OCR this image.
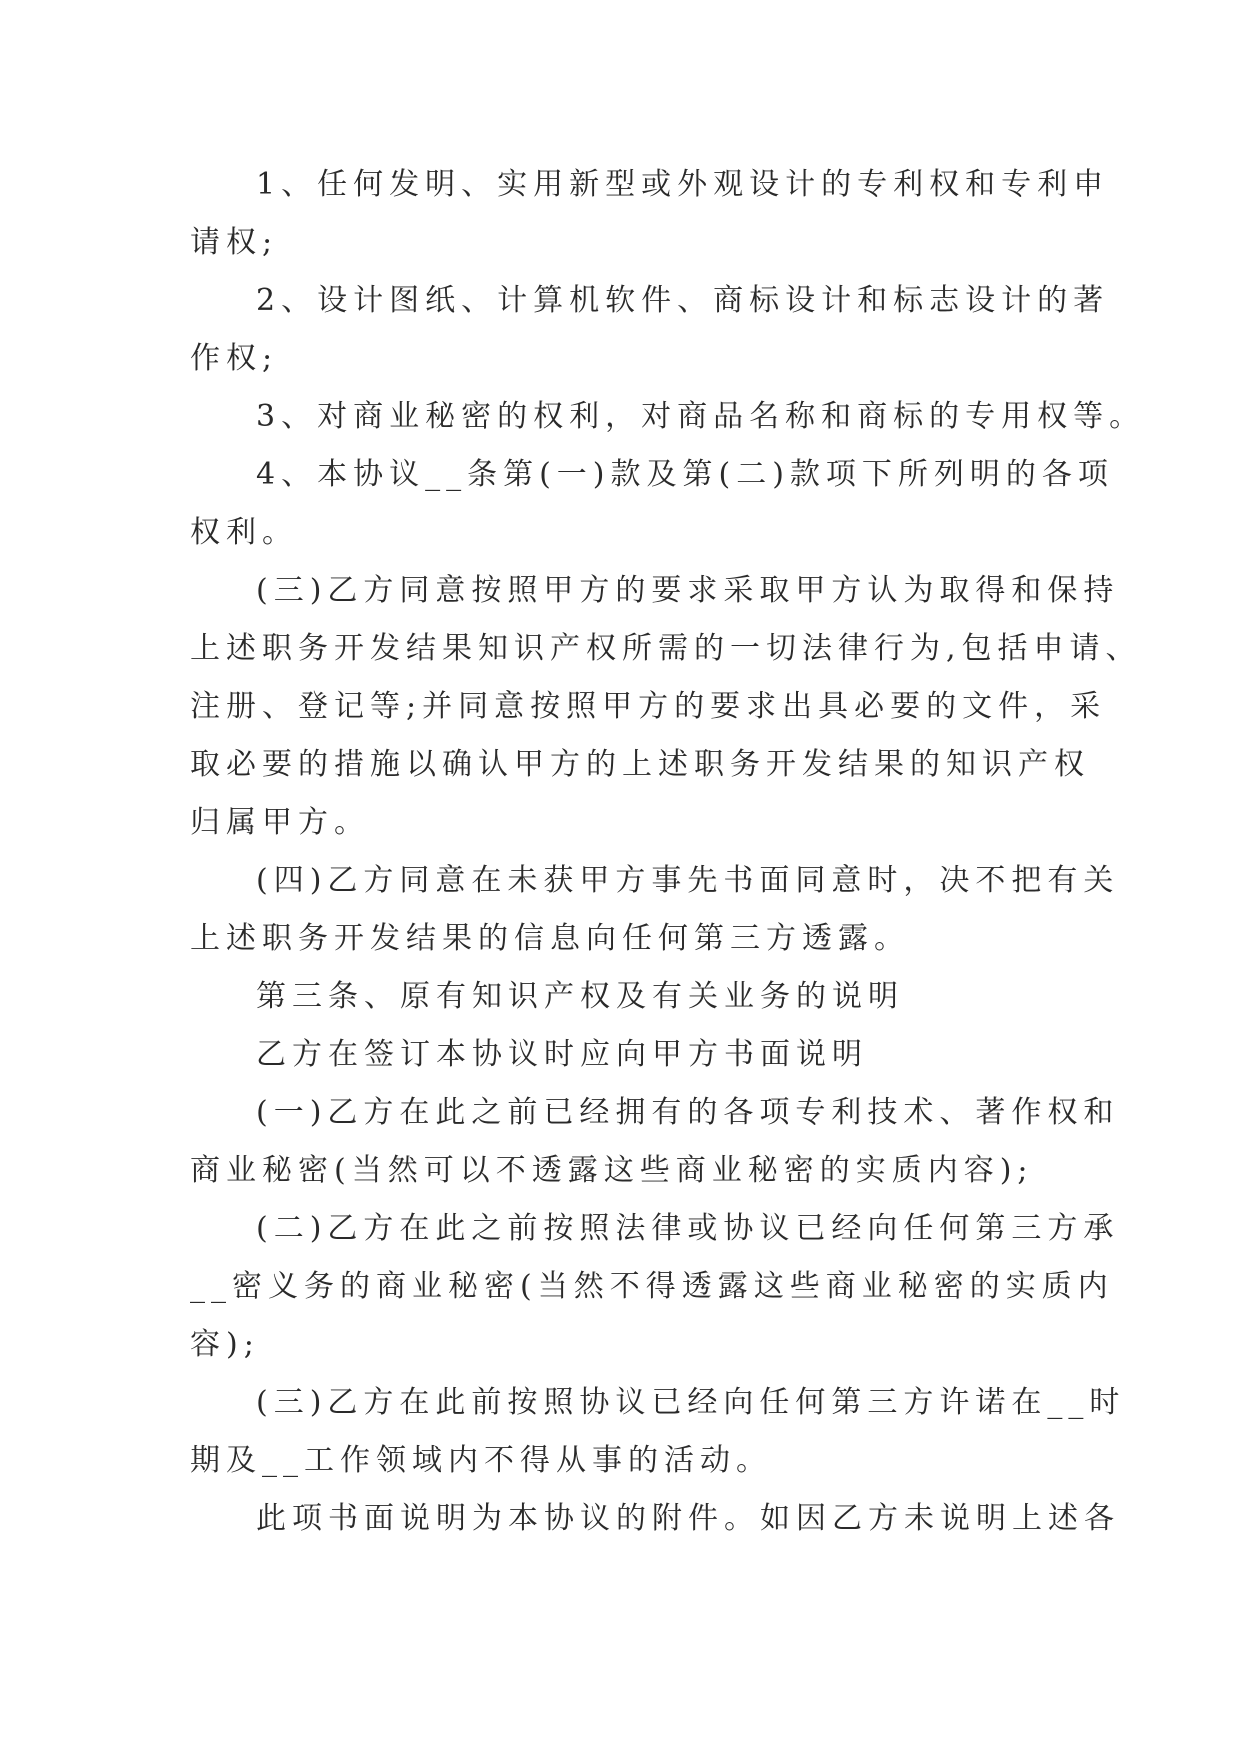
1、任何发明、实用新型或外观设计的专利权和专利申
请权;
2、设计图纸、计算机软件、商标设计和标志设计的著
作权;
3、对商业秘密的权利，对商品名称和商标的专用权等。
4、本协议__条第(一)款及第(二)款项下所列明的各项
权利。
(三)乙方同意按照甲方的要求采取甲方认为取得和保持
上述职务开发结果知识产权所需的一切法律行为,包括申请、
注册、登记等;并同意按照甲方的要求出具必要的文件，采
取必要的措施以确认甲方的上述职务开发结果的知识产权
归属甲方。
(四)乙方同意在未获甲方事先书面同意时，决不把有关
上述职务开发结果的信息向任何第三方透露。
第三条、原有知识产权及有关业务的说明
乙方在签订本协议时应向甲方书面说明
(一)乙方在此之前已经拥有的各项专利技术、著作权和
商业秘密(当然可以不透露这些商业秘密的实质内容);
(二)乙方在此之前按照法律或协议已经向任何第三方承
__密义务的商业秘密(当然不得透露这些商业秘密的实质内
容);
(三)乙方在此前按照协议已经向任何第三方许诺在__时
期及__工作领域内不得从事的活动。
此项书面说明为本协议的附件。如因乙方未说明上述各
